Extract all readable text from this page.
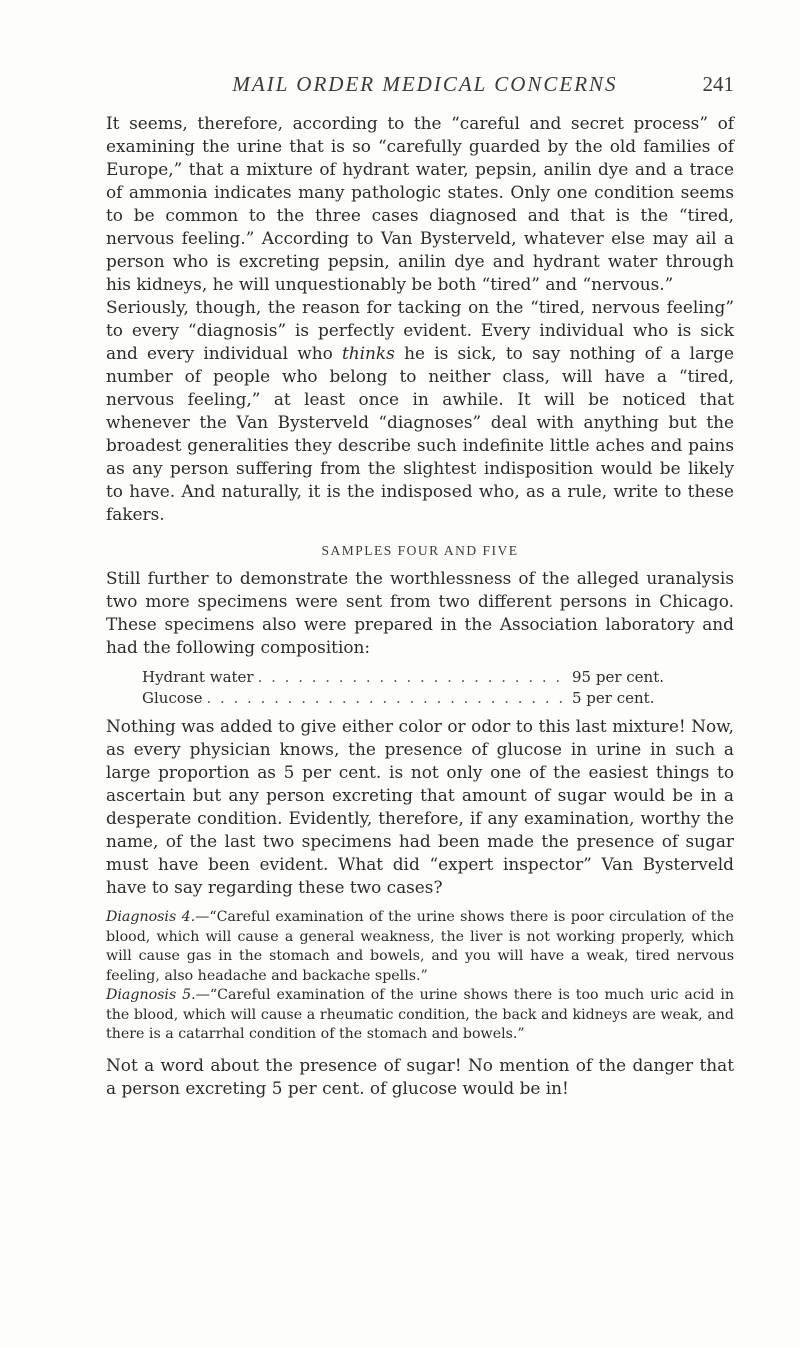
MAIL ORDER MEDICAL CONCERNS	241

It seems, therefore, according to the “careful and secret process” of examining the urine that is so “carefully guarded by the old families of Europe,” that a mixture of hydrant water, pepsin, anilin dye and a trace of ammonia indicates many pathologic states. Only one condition seems to be common to the three cases diagnosed and that is the “tired, nervous feeling.” According to Van Bysterveld, whatever else may ail a person who is excreting pepsin, anilin dye and hydrant water through his kidneys, he will unquestionably be both “tired” and “nervous.”

Seriously, though, the reason for tacking on the “tired, nervous feeling” to every “diagnosis” is perfectly evident. Every individual who is sick and every individual who thinks he is sick, to say nothing of a large number of people who belong to neither class, will have a “tired, nervous feeling,” at least once in awhile. It will be noticed that whenever the Van Bysterveld “diagnoses” deal with anything but the broadest generalities they describe such indefinite little aches and pains as any person suffering from the slightest indisposition would be likely to have. And naturally, it is the indisposed who, as a rule, write to these fakers.

SAMPLES FOUR AND FIVE

Still further to demonstrate the worthlessness of the alleged uranalysis two more specimens were sent from two different persons in Chicago. These specimens also were prepared in the Association laboratory and had the following composition:

Hydrant water . . .	95 per cent.
Glucose . . .	5 per cent.

Nothing was added to give either color or odor to this last mixture! Now, as every physician knows, the presence of glucose in urine in such a large proportion as 5 per cent. is not only one of the easiest things to ascertain but any person excreting that amount of sugar would be in a desperate condition. Evidently, therefore, if any examination, worthy the name, of the last two specimens had been made the presence of sugar must have been evident. What did “expert inspector” Van Bysterveld have to say regarding these two cases?

Diagnosis 4.—“Careful examination of the urine shows there is poor circulation of the blood, which will cause a general weakness, the liver is not working properly, which will cause gas in the stomach and bowels, and you will have a weak, tired nervous feeling, also headache and backache spells.”

Diagnosis 5.—“Careful examination of the urine shows there is too much uric acid in the blood, which will cause a rheumatic condition, the back and kidneys are weak, and there is a catarrhal condition of the stomach and bowels.”

Not a word about the presence of sugar! No mention of the danger that a person excreting 5 per cent. of glucose would be in!
